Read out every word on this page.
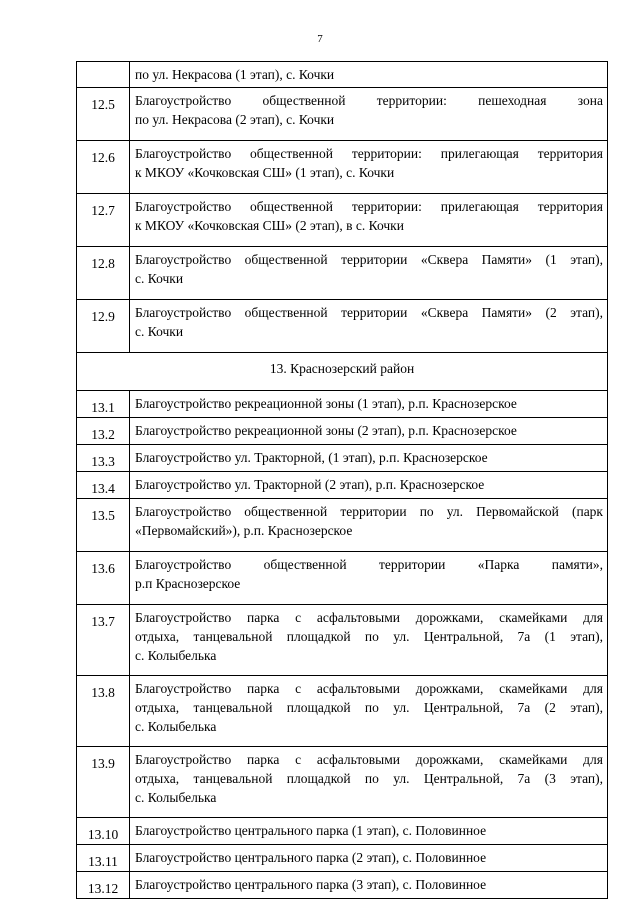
7

	по ул. Некрасова (1 этап), с. Кочки

12.5	Благоустройство общественной территории: пешеходная зона
по ул. Некрасова (2 этап), с. Кочки

12.6	Благоустройство общественной территории: прилегающая территория
к МКОУ «Кочковская СШ» (1 этап), с. Кочки

12.7	Благоустройство общественной территории: прилегающая территория
к МКОУ «Кочковская СШ» (2 этап), в с. Кочки

12.8	Благоустройство общественной территории «Сквера Памяти» (1 этап),
с. Кочки

12.9	Благоустройство общественной территории «Сквера Памяти» (2 этап),
с. Кочки

13. Краснозерский район	
13.1	Благоустройство рекреационной зоны (1 этап), р.п. Краснозерское

13.2	Благоустройство рекреационной зоны (2 этап), р.п. Краснозерское

13.3	Благоустройство ул. Тракторной, (1 этап), р.п. Краснозерское

13.4	Благоустройство ул. Тракторной (2 этап), р.п. Краснозерское

13.5	Благоустройство общественной территории по ул. Первомайской (парк
«Первомайский»), р.п. Краснозерское

13.6	Благоустройство общественной территории «Парка памяти»,
р.п Краснозерское

13.7	Благоустройство парка с асфальтовыми дорожками, скамейками для
отдыха, танцевальной площадкой по ул. Центральной, 7а (1 этап),
с. Колыбелька

13.8	Благоустройство парка с асфальтовыми дорожками, скамейками для
отдыха, танцевальной площадкой по ул. Центральной, 7а (2 этап),
с. Колыбелька

13.9	Благоустройство парка с асфальтовыми дорожками, скамейками для
отдыха, танцевальной площадкой по ул. Центральной, 7а (3 этап),
с. Колыбелька

13.10	Благоустройство центрального парка (1 этап), с. Половинное

13.11	Благоустройство центрального парка (2 этап), с. Половинное

13.12	Благоустройство центрального парка (3 этап), с. Половинное
